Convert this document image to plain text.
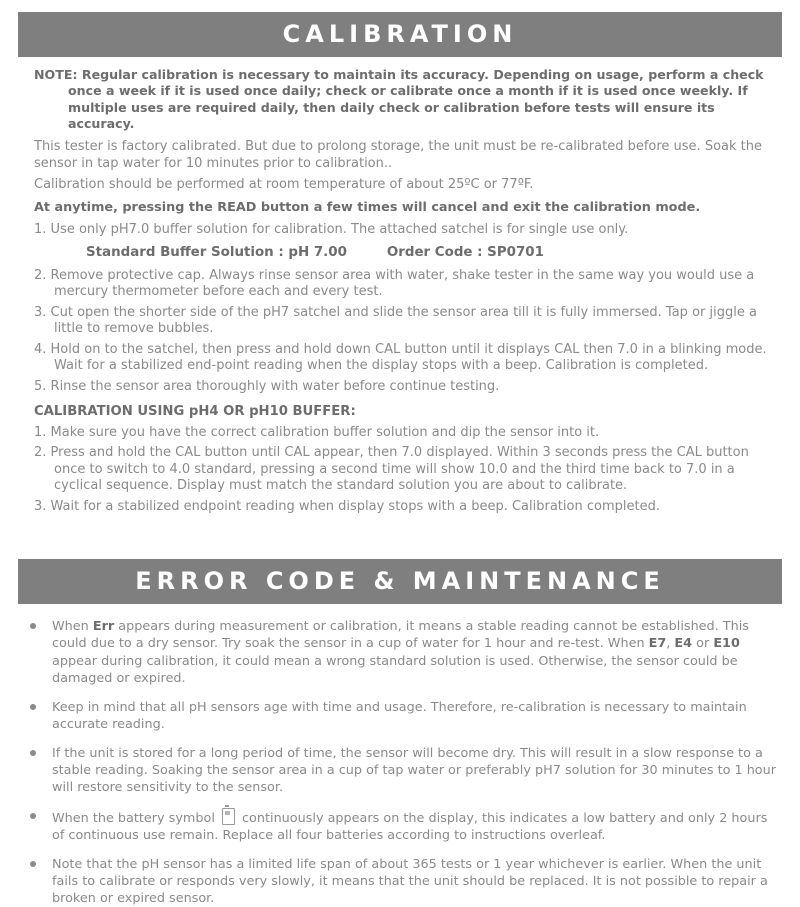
CALIBRATION

NOTE: Regular calibration is necessary to maintain its accuracy. Depending on usage, perform a check once a week if it is used once daily; check or calibrate once a month if it is used once weekly. If multiple uses are required daily, then daily check or calibration before tests will ensure its accuracy.

This tester is factory calibrated. But due to prolong storage, the unit must be re-calibrated before use. Soak the sensor in tap water for 10 minutes prior to calibration..

Calibration should be performed at room temperature of about 25ºC or 77ºF.

At anytime, pressing the READ button a few times will cancel and exit the calibration mode.

1. Use only pH7.0 buffer solution for calibration. The attached satchel is for single use only.

Standard Buffer Solution : pH 7.00	Order Code : SP0701

2. Remove protective cap. Always rinse sensor area with water, shake tester in the same way you would use a mercury thermometer before each and every test.
3. Cut open the shorter side of the pH7 satchel and slide the sensor area till it is fully immersed. Tap or jiggle a little to remove bubbles.
4. Hold on to the satchel, then press and hold down CAL button until it displays CAL then 7.0 in a blinking mode. Wait for a stabilized end-point reading when the display stops with a beep. Calibration is completed.
5. Rinse the sensor area thoroughly with water before continue testing.

CALIBRATION USING pH4 OR pH10 BUFFER:

1. Make sure you have the correct calibration buffer solution and dip the sensor into it.
2. Press and hold the CAL button until CAL appear, then 7.0 displayed. Within 3 seconds press the CAL button once to switch to 4.0 standard, pressing a second time will show 10.0 and the third time back to 7.0 in a cyclical sequence. Display must match the standard solution you are about to calibrate.
3. Wait for a stabilized endpoint reading when display stops with a beep. Calibration completed.
ERROR CODE & MAINTENANCE
When Err appears during measurement or calibration, it means a stable reading cannot be established. This could due to a dry sensor. Try soak the sensor in a cup of water for 1 hour and re-test. When E7, E4 or E10 appear during calibration, it could mean a wrong standard solution is used. Otherwise, the sensor could be damaged or expired.
Keep in mind that all pH sensors age with time and usage. Therefore, re-calibration is necessary to maintain accurate reading.
If the unit is stored for a long period of time, the sensor will become dry. This will result in a slow response to a stable reading. Soaking the sensor area in a cup of tap water or preferably pH7 solution for 30 minutes to 1 hour will restore sensitivity to the sensor.
When the battery symbol  continuously appears on the display, this indicates a low battery and only 2 hours of continuous use remain. Replace all four batteries according to instructions overleaf.
Note that the pH sensor has a limited life span of about 365 tests or 1 year whichever is earlier. When the unit fails to calibrate or responds very slowly, it means that the unit should be replaced. It is not possible to repair a broken or expired sensor.
